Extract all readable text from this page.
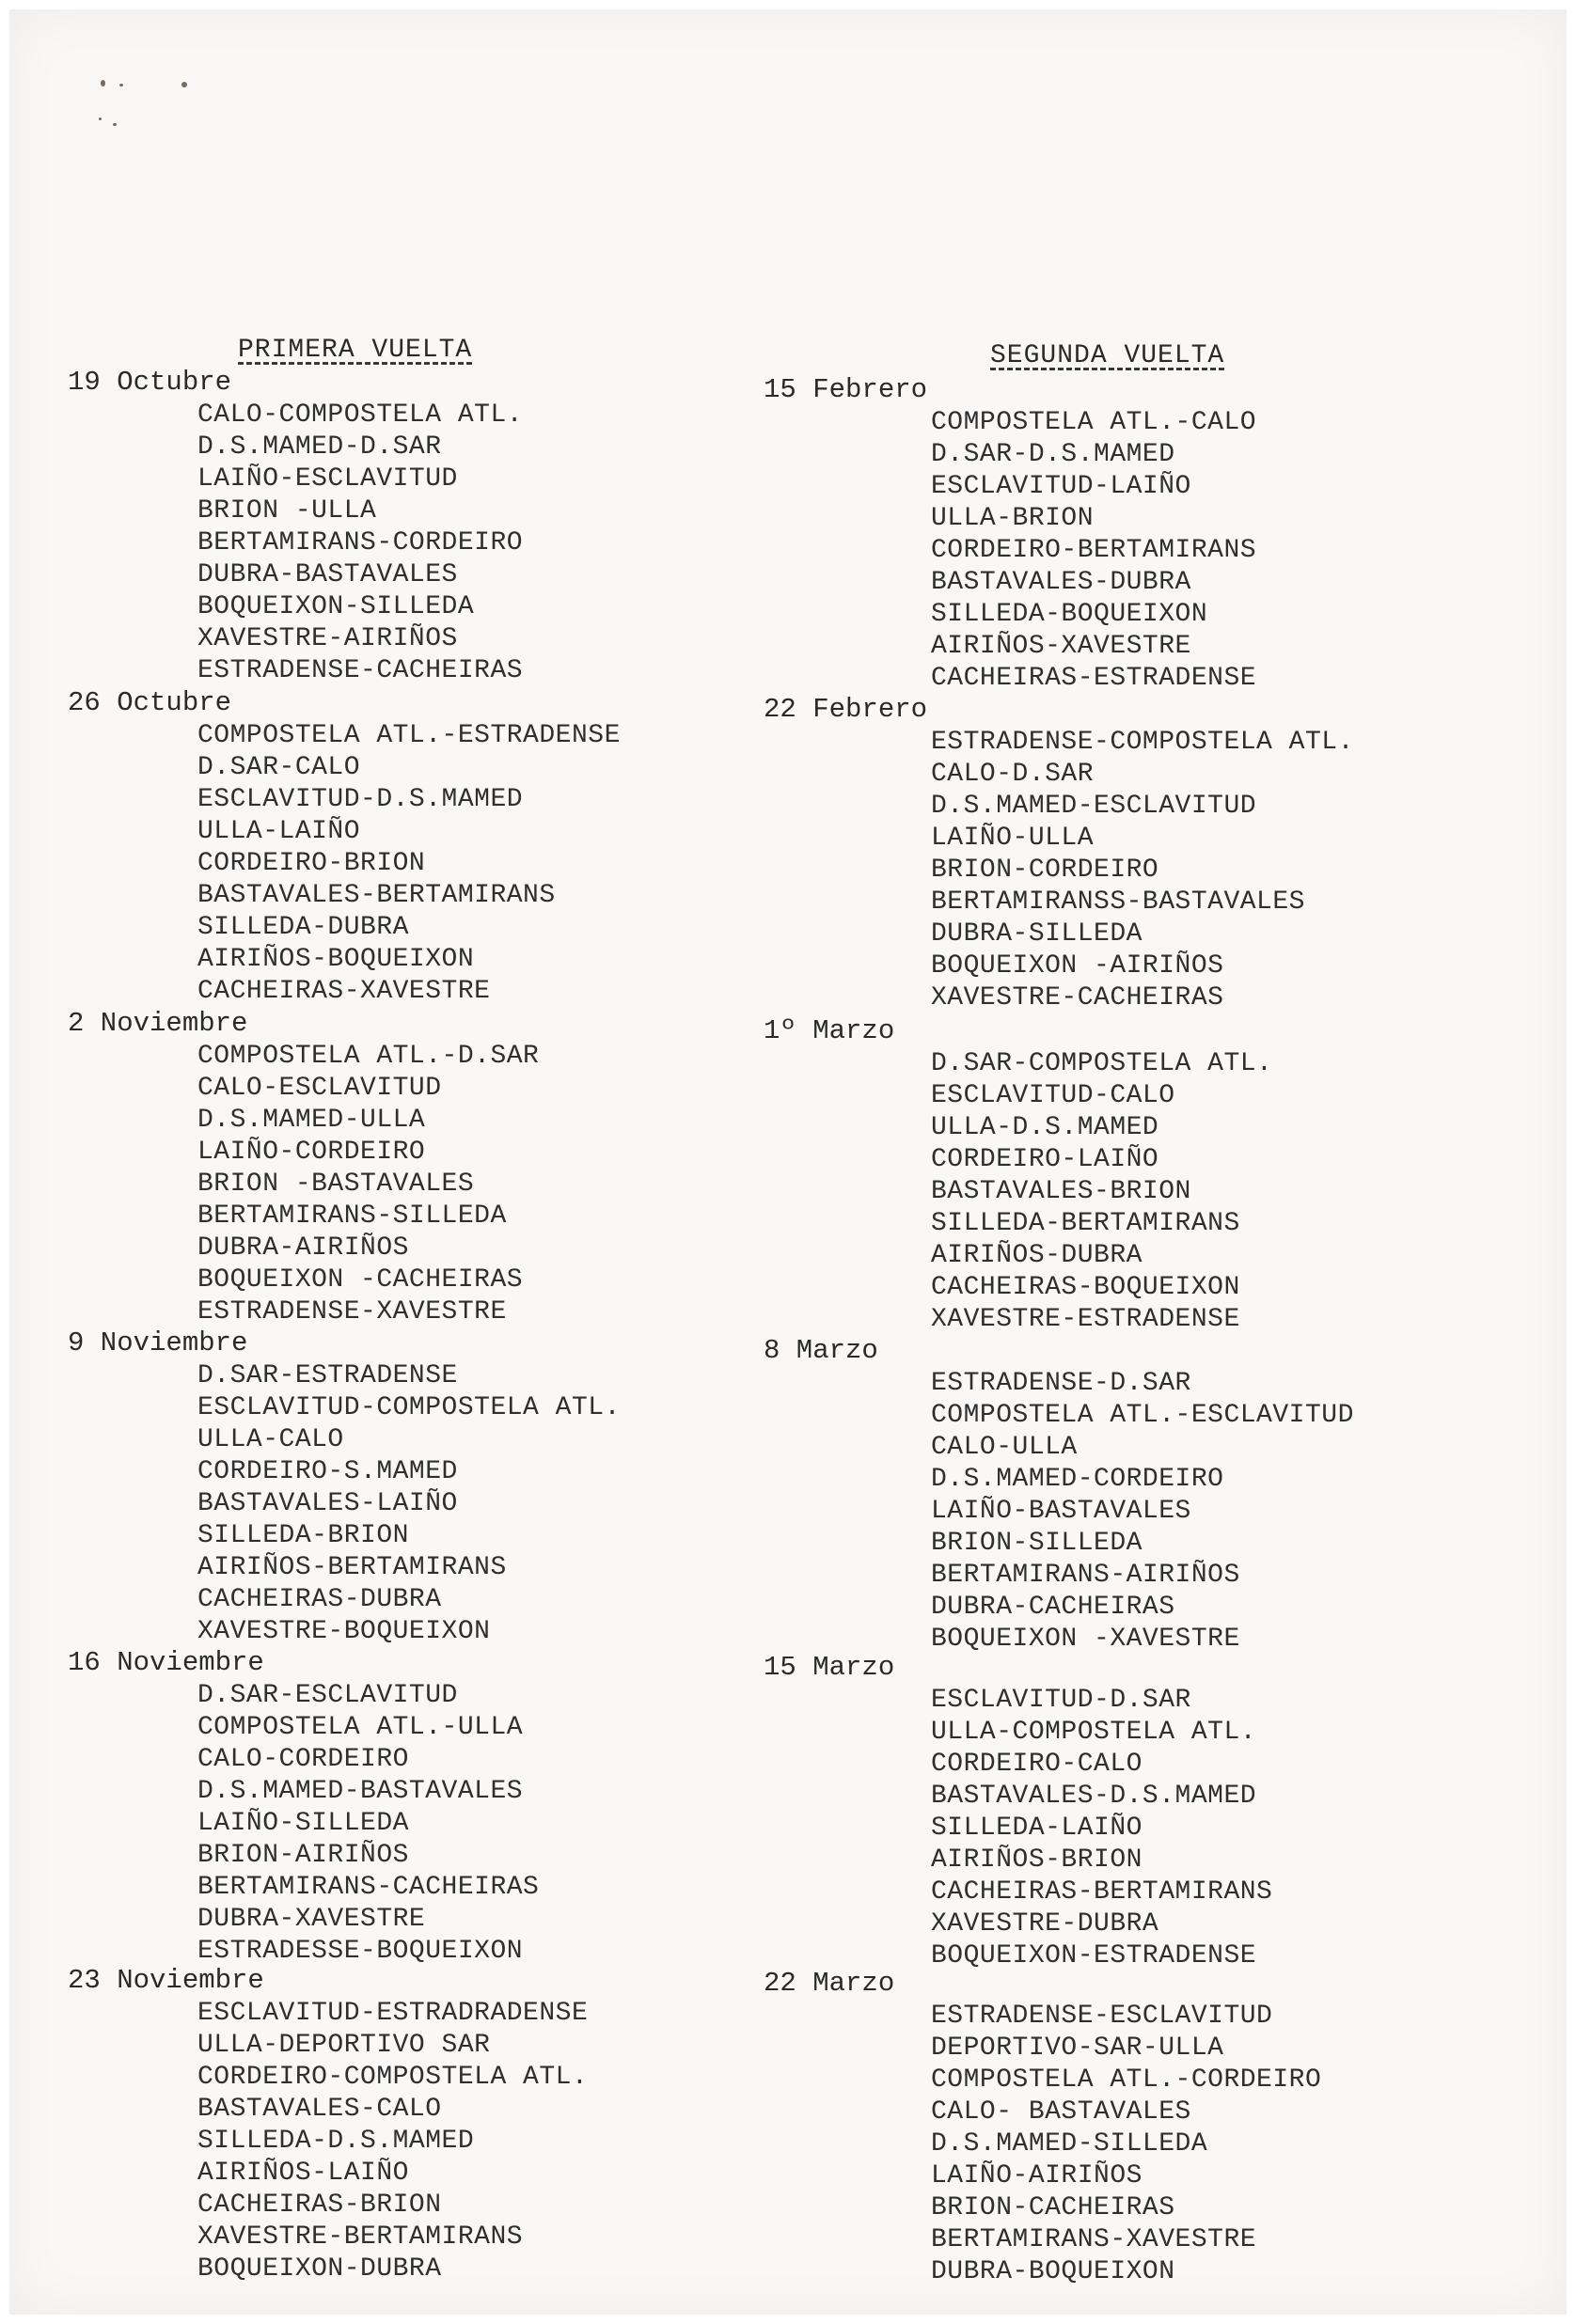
PRIMERA VUELTA
19 Octubre
CALO-COMPOSTELA ATL.
D.S.MAMED-D.SAR
LAIÑO-ESCLAVITUD
BRION -ULLA
BERTAMIRANS-CORDEIRO
DUBRA-BASTAVALES
BOQUEIXON-SILLEDA
XAVESTRE-AIRIÑOS
ESTRADENSE-CACHEIRAS
26 Octubre
COMPOSTELA ATL.-ESTRADENSE
D.SAR-CALO
ESCLAVITUD-D.S.MAMED
ULLA-LAIÑO
CORDEIRO-BRION
BASTAVALES-BERTAMIRANS
SILLEDA-DUBRA
AIRIÑOS-BOQUEIXON
CACHEIRAS-XAVESTRE
2 Noviembre
COMPOSTELA ATL.-D.SAR
CALO-ESCLAVITUD
D.S.MAMED-ULLA
LAIÑO-CORDEIRO
BRION -BASTAVALES
BERTAMIRANS-SILLEDA
DUBRA-AIRIÑOS
BOQUEIXON -CACHEIRAS
ESTRADENSE-XAVESTRE
9 Noviembre
D.SAR-ESTRADENSE
ESCLAVITUD-COMPOSTELA ATL.
ULLA-CALO
CORDEIRO-S.MAMED
BASTAVALES-LAIÑO
SILLEDA-BRION
AIRIÑOS-BERTAMIRANS
CACHEIRAS-DUBRA
XAVESTRE-BOQUEIXON
16 Noviembre
D.SAR-ESCLAVITUD
COMPOSTELA ATL.-ULLA
CALO-CORDEIRO
D.S.MAMED-BASTAVALES
LAIÑO-SILLEDA
BRION-AIRIÑOS
BERTAMIRANS-CACHEIRAS
DUBRA-XAVESTRE
ESTRADESSE-BOQUEIXON
23 Noviembre
ESCLAVITUD-ESTRADRADENSE
ULLA-DEPORTIVO SAR
CORDEIRO-COMPOSTELA ATL.
BASTAVALES-CALO
SILLEDA-D.S.MAMED
AIRIÑOS-LAIÑO
CACHEIRAS-BRION
XAVESTRE-BERTAMIRANS
BOQUEIXON-DUBRA
SEGUNDA VUELTA
15 Febrero
COMPOSTELA ATL.-CALO
D.SAR-D.S.MAMED
ESCLAVITUD-LAIÑO
ULLA-BRION
CORDEIRO-BERTAMIRANS
BASTAVALES-DUBRA
SILLEDA-BOQUEIXON
AIRIÑOS-XAVESTRE
CACHEIRAS-ESTRADENSE
22 Febrero
ESTRADENSE-COMPOSTELA ATL.
CALO-D.SAR
D.S.MAMED-ESCLAVITUD
LAIÑO-ULLA
BRION-CORDEIRO
BERTAMIRANSS-BASTAVALES
DUBRA-SILLEDA
BOQUEIXON -AIRIÑOS
XAVESTRE-CACHEIRAS
1º Marzo
D.SAR-COMPOSTELA ATL.
ESCLAVITUD-CALO
ULLA-D.S.MAMED
CORDEIRO-LAIÑO
BASTAVALES-BRION
SILLEDA-BERTAMIRANS
AIRIÑOS-DUBRA
CACHEIRAS-BOQUEIXON
XAVESTRE-ESTRADENSE
8 Marzo
ESTRADENSE-D.SAR
COMPOSTELA ATL.-ESCLAVITUD
CALO-ULLA
D.S.MAMED-CORDEIRO
LAIÑO-BASTAVALES
BRION-SILLEDA
BERTAMIRANS-AIRIÑOS
DUBRA-CACHEIRAS
BOQUEIXON -XAVESTRE
15 Marzo
ESCLAVITUD-D.SAR
ULLA-COMPOSTELA ATL.
CORDEIRO-CALO
BASTAVALES-D.S.MAMED
SILLEDA-LAIÑO
AIRIÑOS-BRION
CACHEIRAS-BERTAMIRANS
XAVESTRE-DUBRA
BOQUEIXON-ESTRADENSE
22 Marzo
ESTRADENSE-ESCLAVITUD
DEPORTIVO-SAR-ULLA
COMPOSTELA ATL.-CORDEIRO
CALO- BASTAVALES
D.S.MAMED-SILLEDA
LAIÑO-AIRIÑOS
BRION-CACHEIRAS
BERTAMIRANS-XAVESTRE
DUBRA-BOQUEIXON
